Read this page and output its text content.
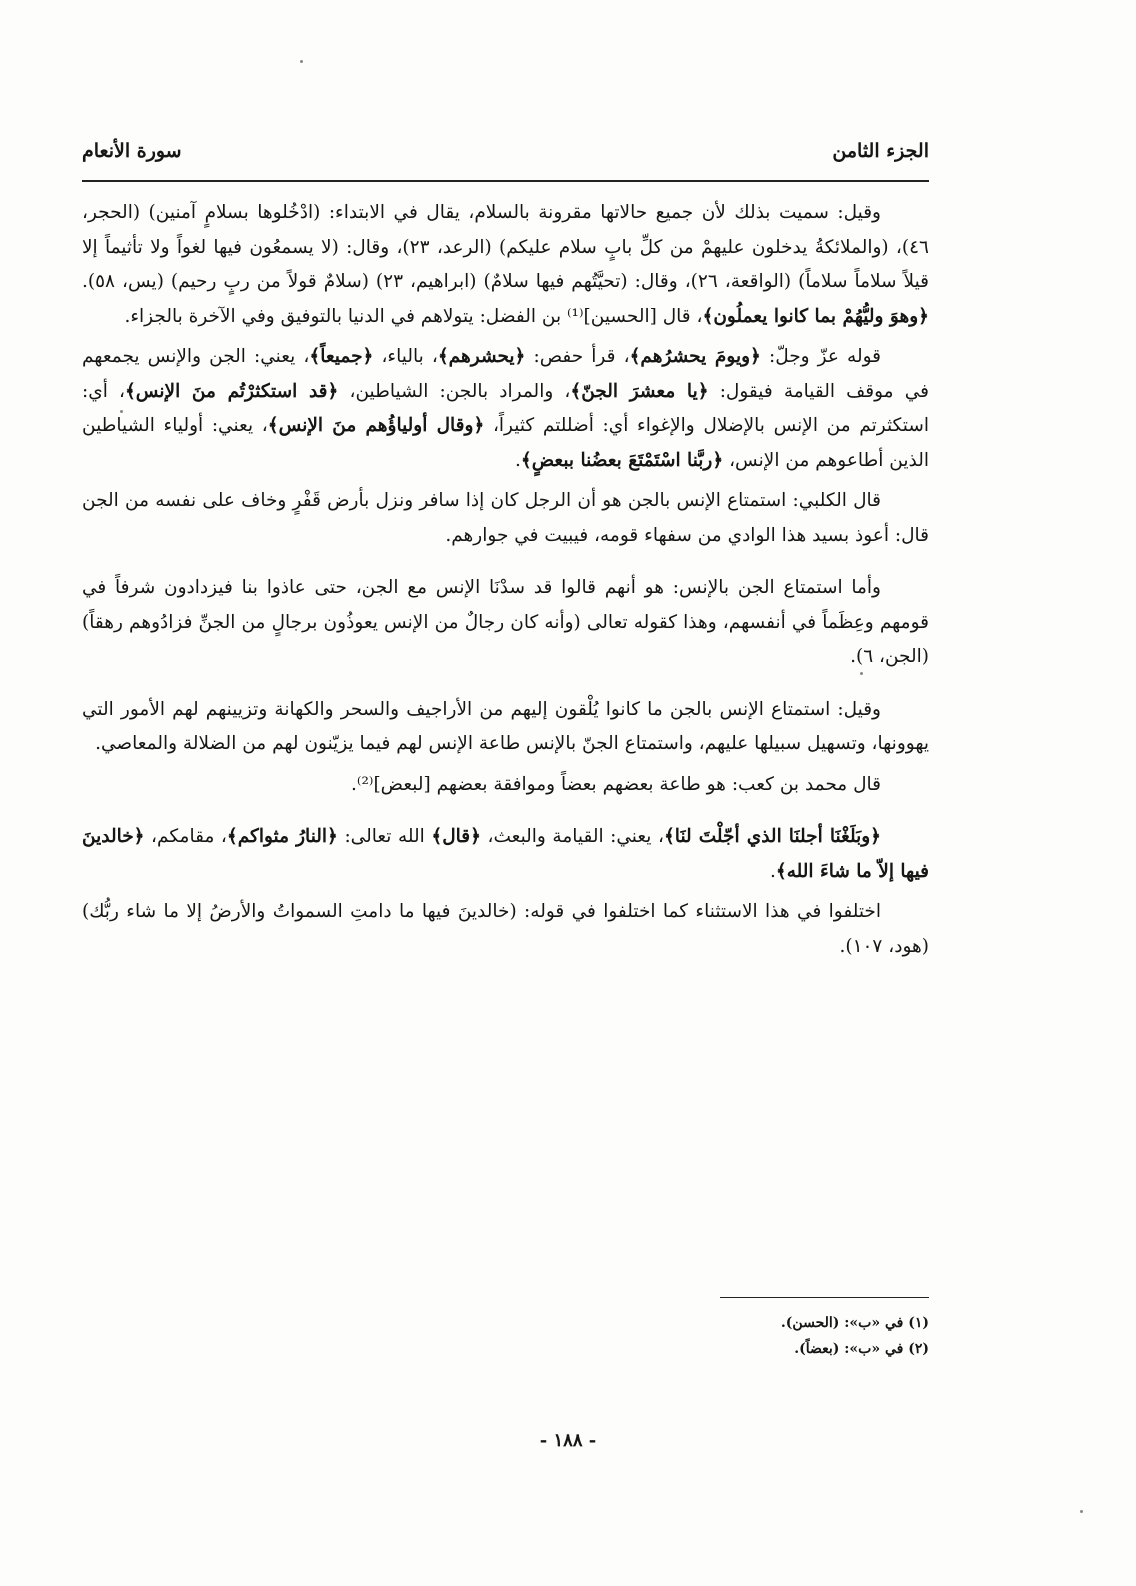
الجزء الثامن
سورة الأنعام

وقيل: سميت بذلك لأن جميع حالاتها مقرونة بالسلام، يقال في الابتداء: (ادْخُلوها بسلامٍ آمنين) (الحجر، ٤٦)، (والملائكةُ يدخلون عليهمْ من كلِّ بابٍ سلام عليكم) (الرعد، ٢٣)، وقال: (لا يسمعُون فيها لغواً ولا تأثيماً إلا قيلاً سلاماً سلاماً) (الواقعة، ٢٦)، وقال: (تحيَّتُهم فيها سلامٌ) (ابراهيم، ٢٣) (سلامٌ قولاً من ربٍ رحيم) (يس، ٥٨). ﴿وهوَ وليُّهُمْ بما كانوا يعملُون﴾، قال [الحسين]⁽¹⁾ بن الفضل: يتولاهم في الدنيا بالتوفيق وفي الآخرة بالجزاء.

قوله عزّ وجلّ: ﴿ويومَ يحشرُهم﴾، قرأ حفص: ﴿يحشرهم﴾، بالياء، ﴿جميعاً﴾، يعني: الجن والإنس يجمعهم في موقف القيامة فيقول: ﴿يا معشرَ الجنّ﴾، والمراد بالجن: الشياطين، ﴿قد استكثرْتُم منَ الإنس﴾، أي: استكثرتم من الإنس بالإضلال والإغواء أي: أضللتم كثيراً، ﴿وقال أولياؤُهم منَ الإنس﴾، يعني: أولياء الشياطين الذين أطاعوهم من الإنس، ﴿ربَّنا اسْتَمْتَعَ بعضُنا ببعضٍ﴾.

قال الكلبي: استمتاع الإنس بالجن هو أن الرجل كان إذا سافر ونزل بأرض قَفْرٍ وخاف على نفسه من الجن قال: أعوذ بسيد هذا الوادي من سفهاء قومه، فيبيت في جوارهم.

وأما استمتاع الجن بالإنس: هو أنهم قالوا قد سدْنَا الإنس مع الجن، حتى عاذوا بنا فيزدادون شرفاً في قومهم وعِظَماً في أنفسهم، وهذا كقوله تعالى (وأنه كان رجالٌ من الإنس يعوذُون برجالٍ من الجنِّ فزادُوهم رهقاً) (الجن، ٦).

وقيل: استمتاع الإنس بالجن ما كانوا يُلْقون إليهم من الأراجيف والسحر والكهانة وتزيينهم لهم الأمور التي يهوونها، وتسهيل سبيلها عليهم، واستمتاع الجنّ بالإنس طاعة الإنس لهم فيما يزيّنون لهم من الضلالة والمعاصي.

قال محمد بن كعب: هو طاعة بعضهم بعضاً وموافقة بعضهم [لبعض]⁽²⁾.

﴿وبَلَغْنَا أجلنَا الذي أجّلْتَ لنَا﴾، يعني: القيامة والبعث، ﴿قال﴾ الله تعالى: ﴿النارُ مثواكم﴾، مقامكم، ﴿خالدينَ فيها إلاّ ما شاءَ الله﴾.

اختلفوا في هذا الاستثناء كما اختلفوا في قوله: (خالدينَ فيها ما دامتِ السمواتُ والأرضُ إلا ما شاء ربُّك) (هود، ١٠٧).

(١) في «ب»: (الحسن).
(٢) في «ب»: (بعضاً).
- ١٨٨ -
